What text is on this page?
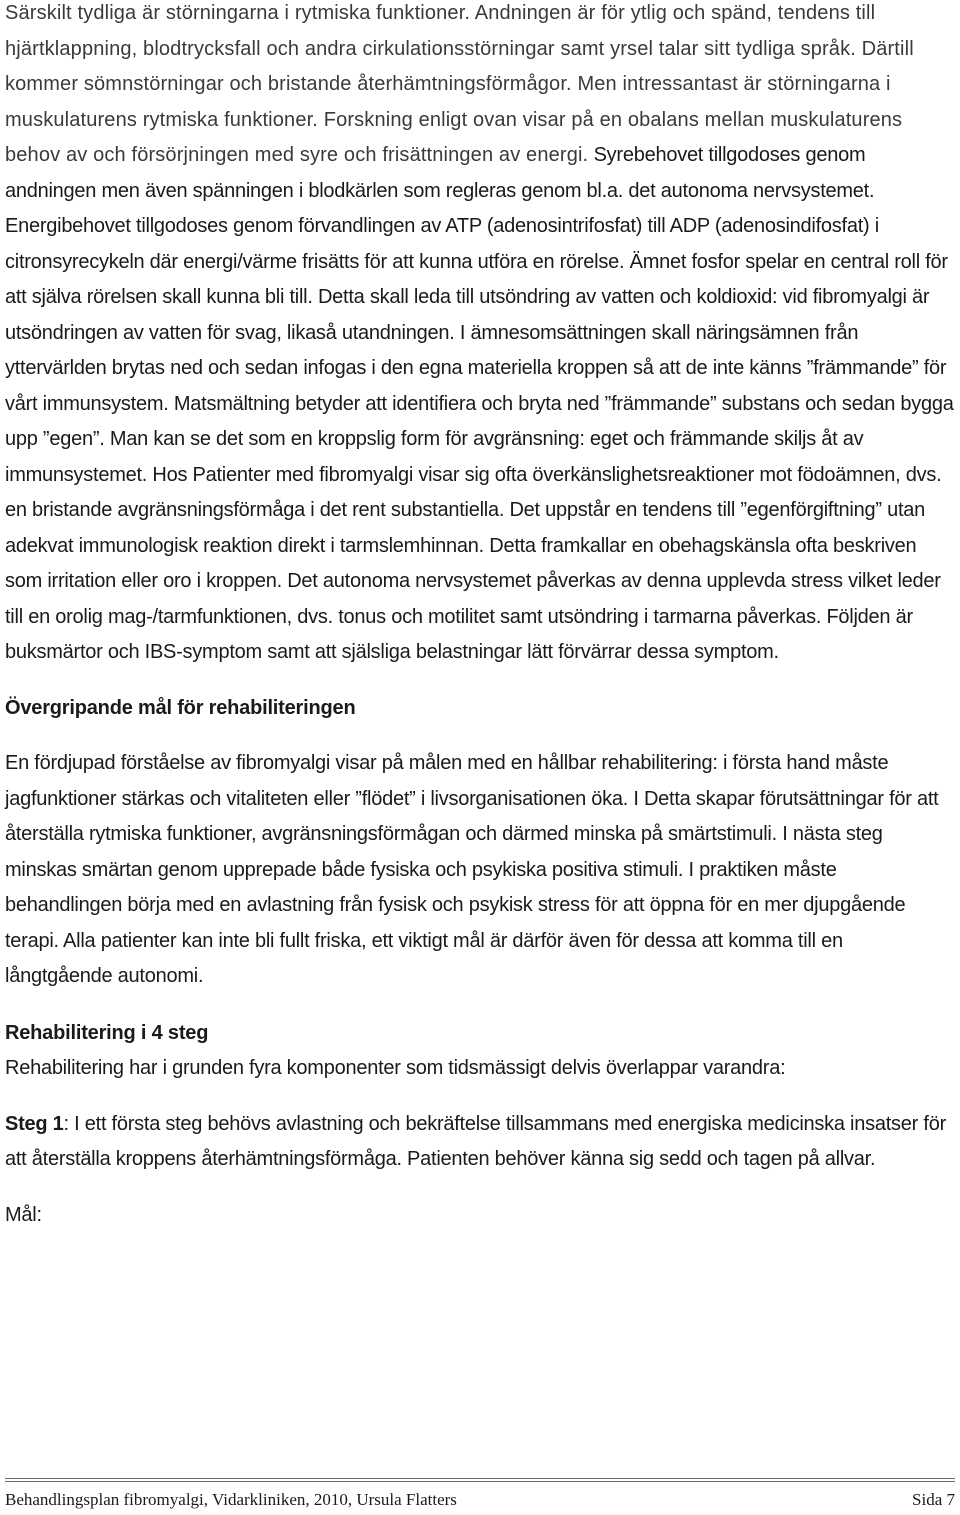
Särskilt tydliga är störningarna i rytmiska funktioner. Andningen är för ytlig och spänd, tendens till hjärtklappning, blodtrycksfall och andra cirkulationsstörningar samt yrsel talar sitt tydliga språk. Därtill kommer sömnstörningar och bristande återhämtningsförmågor. Men intressantast är störningarna i muskulaturens rytmiska funktioner. Forskning enligt ovan visar på en obalans mellan muskulaturens behov av och försörjningen med syre och frisättningen av energi. Syrebehovet tillgodoses genom andningen men även spänningen i blodkärlen som regleras genom bl.a. det autonoma nervsystemet. Energibehovet tillgodoses genom förvandlingen av ATP (adenosintrifosfat) till ADP (adenosindifosfat) i citronsyrecykeln där energi/värme frisätts för att kunna utföra en rörelse. Ämnet fosfor spelar en central roll för att själva rörelsen skall kunna bli till. Detta skall leda till utsöndring av vatten och koldioxid: vid fibromyalgi är utsöndringen av vatten för svag, likaså utandningen. I ämnesomsättningen skall näringsämnen från yttervärlden brytas ned och sedan infogas i den egna materiella kroppen så att de inte känns ”främmande” för vårt immunsystem. Matsmältning betyder att identifiera och bryta ned ”främmande” substans och sedan bygga upp ”egen”. Man kan se det som en kroppslig form för avgränsning: eget och främmande skiljs åt av immunsystemet. Hos Patienter med fibromyalgi visar sig ofta överkänslighetsreaktioner mot födoämnen, dvs. en bristande avgränsningsförmåga i det rent substantiella. Det uppstår en tendens till ”egenförgiftning” utan adekvat immunologisk reaktion direkt i tarmslemhinnan. Detta framkallar en obehagskänsla ofta beskriven som irritation eller oro i kroppen. Det autonoma nervsystemet påverkas av denna upplevda stress vilket leder till en orolig mag-/tarmfunktionen, dvs. tonus och motilitet samt utsöndring i tarmarna påverkas. Följden är buksmärtor och IBS-symptom samt att själsliga belastningar lätt förvärrar dessa symptom.

Övergripande mål för rehabiliteringen

En fördjupad förståelse av fibromyalgi visar på målen med en hållbar rehabilitering: i första hand måste jagfunktioner stärkas och vitaliteten eller ”flödet” i livsorganisationen öka. I Detta skapar förutsättningar för att återställa rytmiska funktioner, avgränsningsförmågan och därmed minska på smärtstimuli. I nästa steg minskas smärtan genom upprepade både fysiska och psykiska positiva stimuli. I praktiken måste behandlingen börja med en avlastning från fysisk och psykisk stress för att öppna för en mer djupgående terapi. Alla patienter kan inte bli fullt friska, ett viktigt mål är därför även för dessa att komma till en långtgående autonomi.

Rehabilitering i 4 steg

Rehabilitering har i grunden fyra komponenter som tidsmässigt delvis överlappar varandra:

Steg 1: I ett första steg behövs avlastning och bekräftelse tillsammans med energiska medicinska insatser för att återställa kroppens återhämtningsförmåga. Patienten behöver känna sig sedd och tagen på allvar.

Mål:

Behandlingsplan fibromyalgi, Vidarkliniken, 2010, Ursula Flatters	Sida 7
